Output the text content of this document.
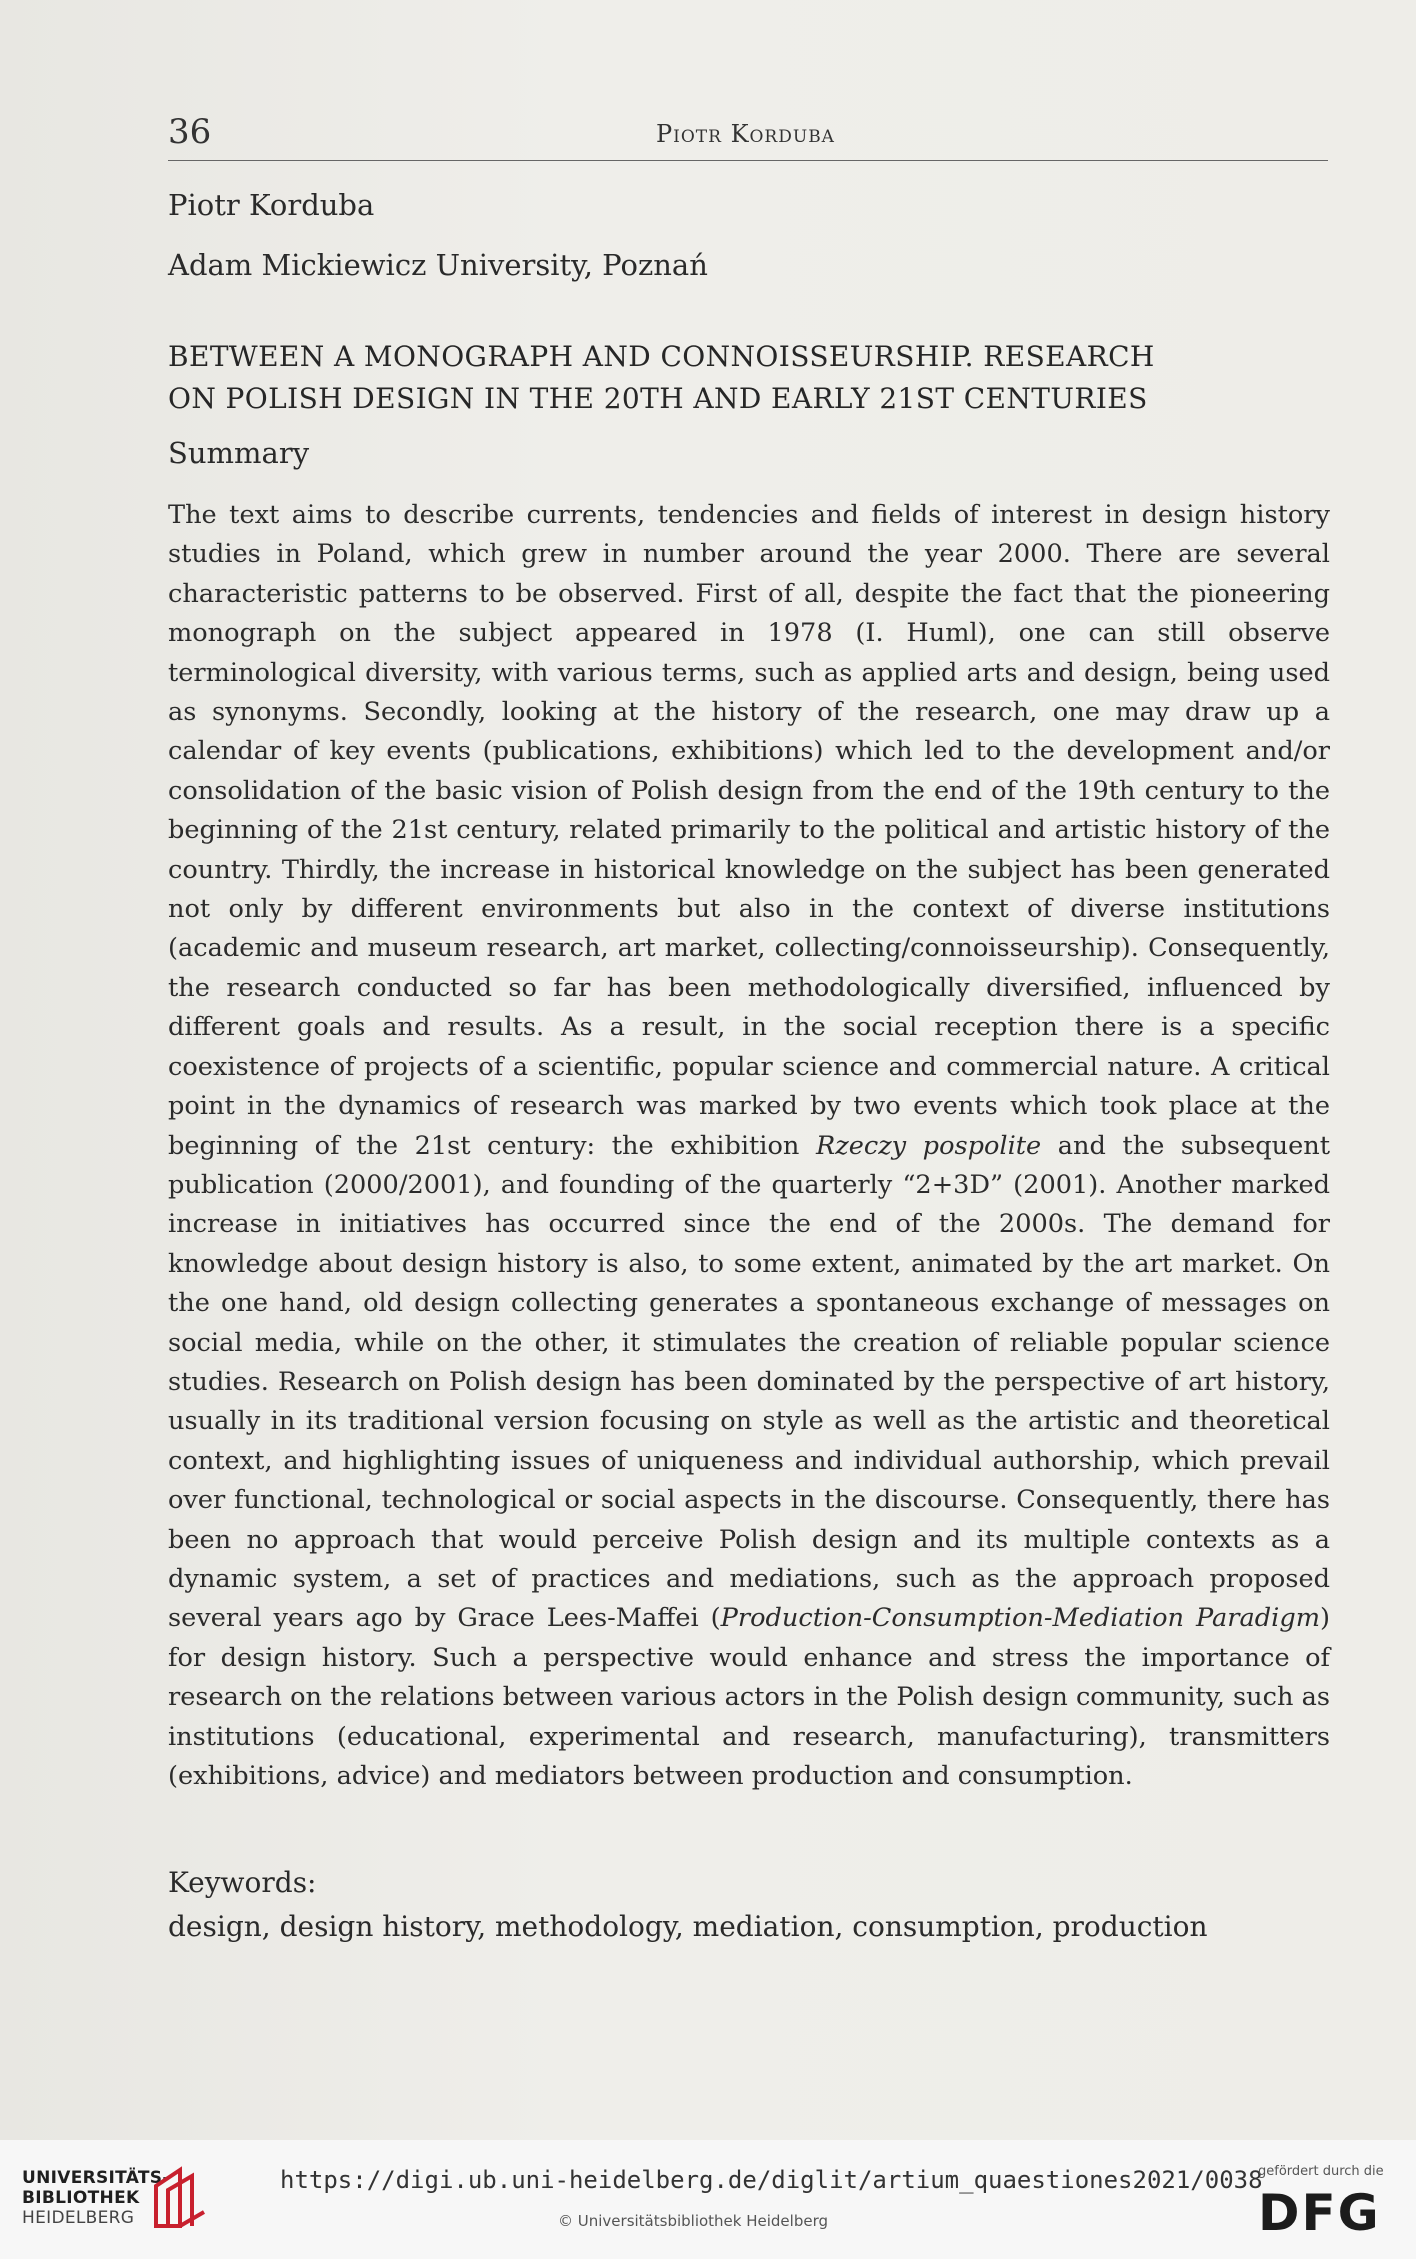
36	Piotr Korduba
Piotr Korduba
Adam Mickiewicz University, Poznań
BETWEEN A MONOGRAPH AND CONNOISSEURSHIP. RESEARCH
ON POLISH DESIGN IN THE 20TH AND EARLY 21ST CENTURIES
Summary

The text aims to describe currents, tendencies and fields of interest in design history studies in Poland, which grew in number around the year 2000. There are several characteristic patterns to be observed. First of all, despite the fact that the pioneering monograph on the subject appeared in 1978 (I. Huml), one can still observe terminological diversity, with various terms, such as applied arts and design, being used as synonyms. Secondly, looking at the history of the research, one may draw up a calendar of key events (publications, exhibitions) which led to the development and/or consolidation of the basic vision of Polish design from the end of the 19th century to the beginning of the 21st century, related primarily to the political and artistic history of the country. Thirdly, the increase in historical knowledge on the subject has been generated not only by different environments but also in the context of diverse institutions (academic and museum research, art market, collecting/connoisseurship). Consequently, the research conducted so far has been methodologically diversified, influenced by different goals and results. As a result, in the social reception there is a specific coexistence of projects of a scientific, popular science and commercial nature. A critical point in the dynamics of research was marked by two events which took place at the beginning of the 21st century: the exhibition Rzeczy pospolite and the subsequent publication (2000/2001), and founding of the quarterly “2+3D” (2001). Another marked increase in initiatives has occurred since the end of the 2000s. The demand for knowledge about design history is also, to some extent, animated by the art market. On the one hand, old design collecting generates a spontaneous exchange of messages on social media, while on the other, it stimulates the creation of reliable popular science studies. Research on Polish design has been dominated by the perspective of art history, usually in its traditional version focusing on style as well as the artistic and theoretical context, and highlighting issues of uniqueness and individual authorship, which prevail over functional, technological or social aspects in the discourse. Consequently, there has been no approach that would perceive Polish design and its multiple contexts as a dynamic system, a set of practices and mediations, such as the approach proposed several years ago by Grace Lees-Maffei (Production-Consumption-Mediation Paradigm) for design history. Such a perspective would enhance and stress the importance of research on the relations between various actors in the Polish design community, such as institutions (educational, experimental and research, manufacturing), transmitters (exhibitions, advice) and mediators between production and consumption.

Keywords:
design, design history, methodology, mediation, consumption, production
UNIVERSITÄTS-
BIBLIOTHEK
HEIDELBERG
https://digi.ub.uni-heidelberg.de/diglit/artium_quaestiones2021/0038
© Universitätsbibliothek Heidelberg
gefördert durch die
DFG
